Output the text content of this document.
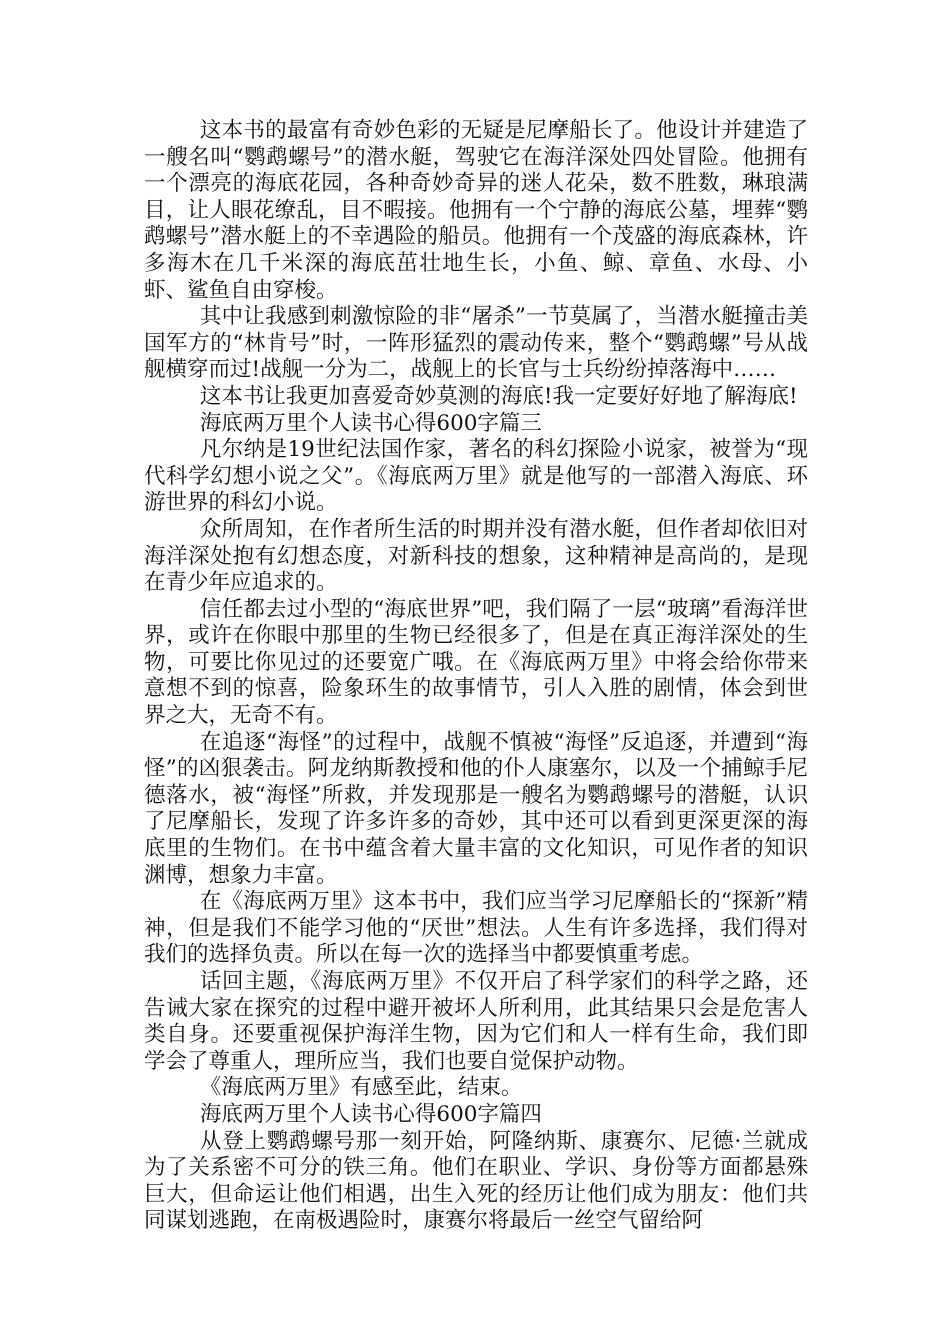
这本书的最富有奇妙色彩的无疑是尼摩船长了。他设计并建造了一艘名叫“鹦鹉螺号”的潜水艇，驾驶它在海洋深处四处冒险。他拥有一个漂亮的海底花园，各种奇妙奇异的迷人花朵，数不胜数，琳琅满目，让人眼花缭乱，目不暇接。他拥有一个宁静的海底公墓，埋葬“鹦鹉螺号”潜水艇上的不幸遇险的船员。他拥有一个茂盛的海底森林，许多海木在几千米深的海底茁壮地生长，小鱼、鲸、章鱼、水母、小虾、鲨鱼自由穿梭。

其中让我感到刺激惊险的非“屠杀”一节莫属了，当潜水艇撞击美国军方的“林肯号”时，一阵形猛烈的震动传来，整个“鹦鹉螺”号从战舰横穿而过!战舰一分为二，战舰上的长官与士兵纷纷掉落海中……

这本书让我更加喜爱奇妙莫测的海底!我一定要好好地了解海底!

海底两万里个人读书心得600字篇三

凡尔纳是19世纪法国作家，著名的科幻探险小说家，被誉为“现代科学幻想小说之父”。《海底两万里》就是他写的一部潜入海底、环游世界的科幻小说。

众所周知，在作者所生活的时期并没有潜水艇，但作者却依旧对海洋深处抱有幻想态度，对新科技的想象，这种精神是高尚的，是现在青少年应追求的。

信任都去过小型的“海底世界”吧，我们隔了一层“玻璃”看海洋世界，或许在你眼中那里的生物已经很多了，但是在真正海洋深处的生物，可要比你见过的还要宽广哦。在《海底两万里》中将会给你带来意想不到的惊喜，险象环生的故事情节，引人入胜的剧情，体会到世界之大，无奇不有。

在追逐“海怪”的过程中，战舰不慎被“海怪”反追逐，并遭到“海怪”的凶狠袭击。阿龙纳斯教授和他的仆人康塞尔，以及一个捕鲸手尼德落水，被“海怪”所救，并发现那是一艘名为鹦鹉螺号的潜艇，认识了尼摩船长，发现了许多许多的奇妙，其中还可以看到更深更深的海底里的生物们。在书中蕴含着大量丰富的文化知识，可见作者的知识渊博，想象力丰富。

在《海底两万里》这本书中，我们应当学习尼摩船长的“探新”精神，但是我们不能学习他的“厌世”想法。人生有许多选择，我们得对我们的选择负责。所以在每一次的选择当中都要慎重考虑。

话回主题，《海底两万里》不仅开启了科学家们的科学之路，还告诫大家在探究的过程中避开被坏人所利用，此其结果只会是危害人类自身。还要重视保护海洋生物，因为它们和人一样有生命，我们即学会了尊重人，理所应当，我们也要自觉保护动物。

《海底两万里》有感至此，结束。

海底两万里个人读书心得600字篇四

从登上鹦鹉螺号那一刻开始，阿隆纳斯、康赛尔、尼德·兰就成为了关系密不可分的铁三角。他们在职业、学识、身份等方面都悬殊巨大，但命运让他们相遇，出生入死的经历让他们成为朋友：他们共同谋划逃跑，在南极遇险时，康赛尔将最后一丝空气留给阿
